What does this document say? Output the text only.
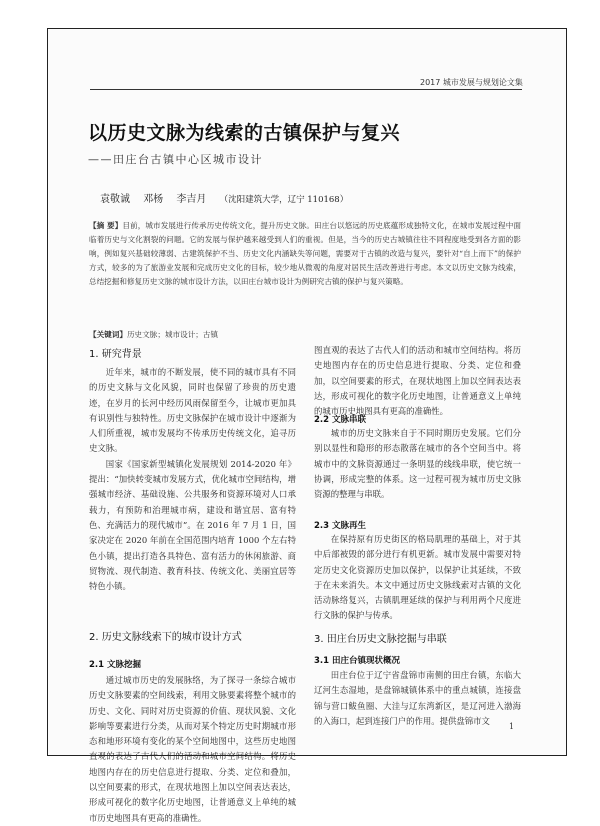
2017 城市发展与规划论文集
以历史文脉为线索的古镇保护与复兴
——田庄台古镇中心区城市设计
袁敬诚 邓杨 李吉月 （沈阳建筑大学，辽宁 110168）
【摘 要】目前，城市发展进行传承历史传统文化，提升历史文脉。田庄台以悠远的历史底蕴形成独特文化，在城市发展过程中面临着历史与文化割裂的问题。它的发展与保护越来越受到人们的重视。但是，当今的历史古城镇往往不同程度地受到各方面的影响，例如复兴基础较薄弱、古建筑保护不当、历史文化内涵缺失等问题，需要对于古镇的改造与复兴，要针对“自上而下”的保护方式，较多的为了旅游业发展和完成历史文化的目标，较少地从微观的角度对居民生活改善进行考虑。本文以历史文脉为线索，总结挖掘和修复历史文脉的城市设计方法，以田庄台城市设计为例研究古镇的保护与复兴策略。
【关键词】历史文脉；城市设计；古镇
1. 研究背景

近年来，城市的不断发展，使不同的城市具有不同的历史文脉与文化风貌，同时也保留了珍贵的历史遗迹，在岁月的长河中经历风雨保留至今，让城市更加具有识别性与独特性。历史文脉保护在城市设计中逐渐为人们所重视，城市发展均不传承历史传统文化，追寻历史文脉。

国家《国家新型城镇化发展规划 2014-2020 年》提出：“加快转变城市发展方式，优化城市空间结构，增强城市经济、基础设施、公共服务和资源环境对人口承载力，有预防和治理城市病，建设和谐宜居、富有特色、充满活力的现代城市”。在 2016 年 7 月 1 日，国家决定在 2020 年前在全国范围内培育 1000 个左右特色小镇，提出打造各具特色、富有活力的休闲旅游、商贸物流、现代制造、教育科技、传统文化、美丽宜居等特色小镇。

2. 历史文脉线索下的城市设计方式
2.1 文脉挖掘

通过城市历史的发展脉络，为了探寻一条综合城市历史文脉要素的空间线索，利用文脉要素将整个城市的历史、文化、同时对历史资源的价值、现状风貌、文化影响等要素进行分类，从而对某个特定历史时期城市形态和地形环境有变化的某个空间地图中，这些历史地图直观的表达了古代人们的活动和城市空间结构。将历史地图内存在的历史信息进行提取、分类、定位和叠加，以空间要素的形式，在现状地图上加以空间表达表达，形成可视化的数字化历史地图，让普通意义上单纯的城市历史地图具有更高的准确性。

图直观的表达了古代人们的活动和城市空间结构。将历史地图内存在的历史信息进行提取、分类、定位和叠加，以空间要素的形式，在现状地图上加以空间表达表达，形成可视化的数字化历史地图，让普通意义上单纯的城市历史地图具有更高的准确性。

2.2 文脉串联

城市的历史文脉来自于不同时期历史发展。它们分别以显性和隐形的形态散落在城市的各个空间当中。将城市中的文脉资源通过一条明显的线线串联，使它统一协调，形成完整的体系。这一过程可视为城市历史文脉资源的整理与串联。

2.3 文脉再生

在保持原有历史街区的格局肌理的基础上，对于其中后部被毁的部分进行有机更新。城市发展中需要对特定历史文化资源历史加以保护，以保护让其延续，不致于在未来消失。本文中通过历史文脉线索对古镇的文化活动脉络复兴，古镇肌理延续的保护与利用两个尺度进行文脉的保护与传承。

3. 田庄台历史文脉挖掘与串联
3.1 田庄台镇现状概况

田庄台位于辽宁省盘锦市南侧的田庄台镇，东临大辽河生态湿地，是盘锦城镇体系中的重点城镇，连接盘锦与营口鲅鱼圈、大洼与辽东湾新区，是辽河进入渤海的入海口，起到连接门户的作用。提供盘锦市文

1
